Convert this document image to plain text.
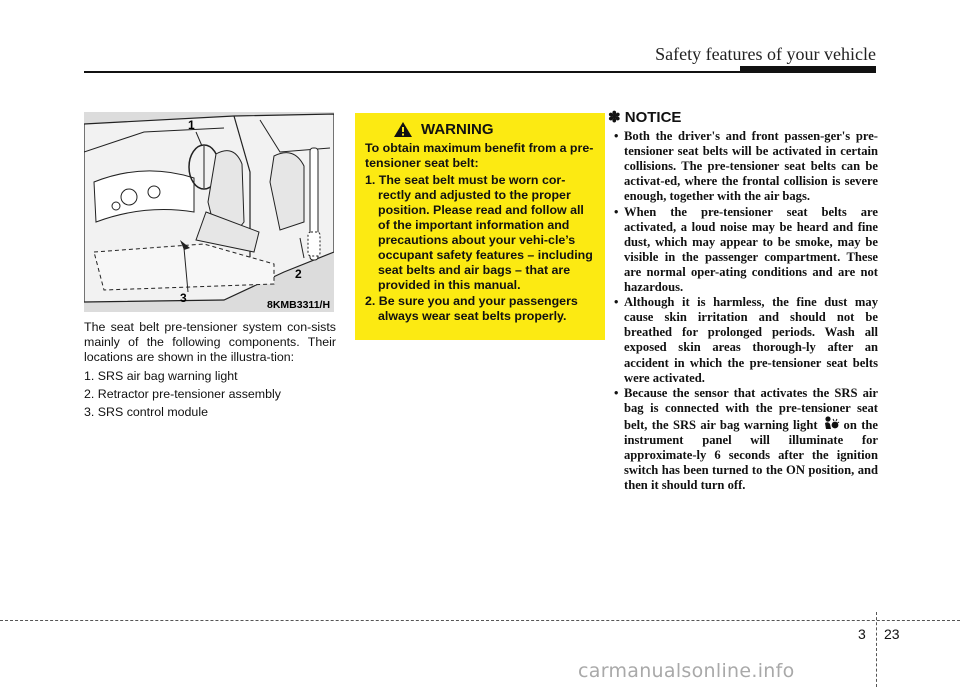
Safety features of your vehicle
1
2
3	8KMB3311/H

The seat belt pre-tensioner system con-sists mainly of the following components. Their locations are shown in the illustra-tion:

1. SRS air bag warning light
2. Retractor pre-tensioner assembly
3. SRS control module
WARNING
To obtain maximum benefit from a pre-tensioner seat belt:
1. The seat belt must be worn cor-rectly and adjusted to the proper position. Please read and follow all of the important information and precautions about your vehi-cle’s occupant safety features – including seat belts and air bags – that are provided in this manual.
2. Be sure you and your passengers always wear seat belts properly.
✽ NOTICE
• Both the driver's and front passen-ger's pre-tensioner seat belts will be activated in certain collisions. The pre-tensioner seat belts can be activat-ed, where the frontal collision is severe enough, together with the air bags.
• When the pre-tensioner seat belts are activated, a loud noise may be heard and fine dust, which may appear to be smoke, may be visible in the passenger compartment. These are normal oper-ating conditions and are not hazardous.
• Although it is harmless, the fine dust may cause skin irritation and should not be breathed for prolonged periods. Wash all exposed skin areas thorough-ly after an accident in which the pre-tensioner seat belts were activated.
• Because the sensor that activates the SRS air bag is connected with the pre-tensioner seat belt, the SRS air bag warning light on the instrument panel will illuminate for approximate-ly 6 seconds after the ignition switch has been turned to the ON position, and then it should turn off.
3 23
carmanualsonline.info
